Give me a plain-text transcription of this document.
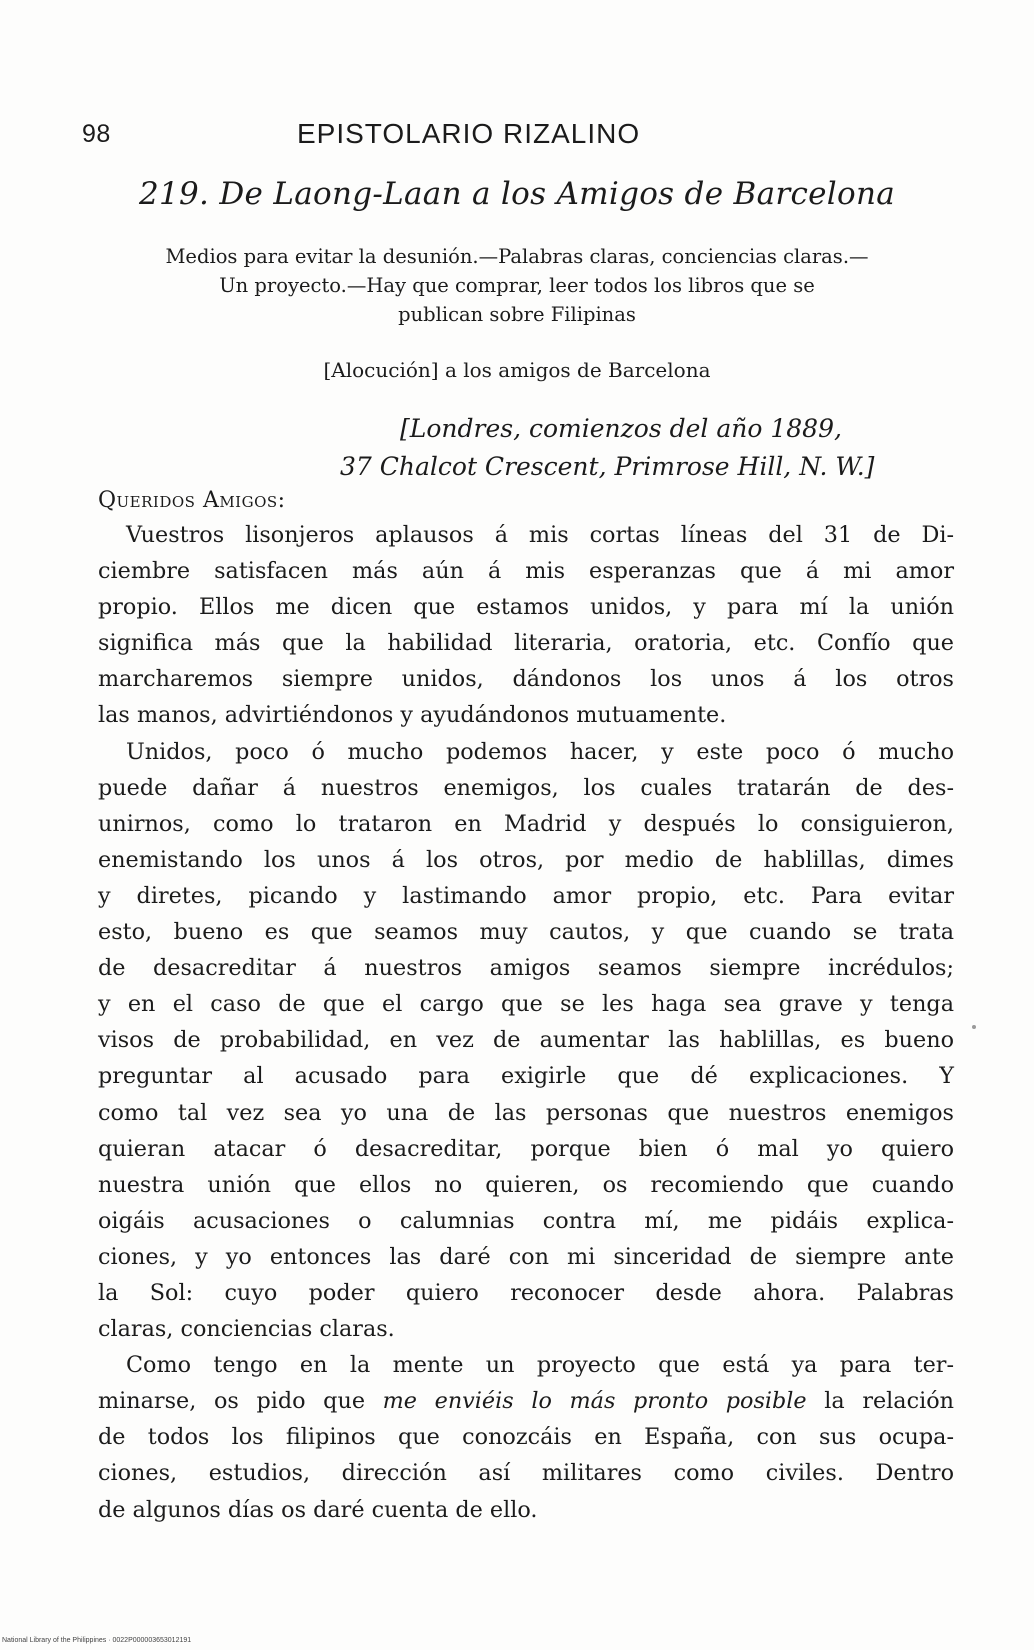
98	EPISTOLARIO RIZALINO
219. De Laong-Laan a los Amigos de Barcelona
Medios para evitar la desunión.—Palabras claras, conciencias claras.—
Un proyecto.—Hay que comprar, leer todos los libros que se
publican sobre Filipinas
[Alocución] a los amigos de Barcelona
[Londres, comienzos del año 1889,
37 Chalcot Crescent, Primrose Hill, N. W.]
Queridos Amigos:
Vuestros lisonjeros aplausos á mis cortas líneas del 31 de Di-
ciembre satisfacen más aún á mis esperanzas que á mi amor
propio. Ellos me dicen que estamos unidos, y para mí la unión
significa más que la habilidad literaria, oratoria, etc. Confío que
marcharemos siempre unidos, dándonos los unos á los otros
las manos, advirtiéndonos y ayudándonos mutuamente.
Unidos, poco ó mucho podemos hacer, y este poco ó mucho
puede dañar á nuestros enemigos, los cuales tratarán de des-
unirnos, como lo trataron en Madrid y después lo consiguieron,
enemistando los unos á los otros, por medio de hablillas, dimes
y diretes, picando y lastimando amor propio, etc. Para evitar
esto, bueno es que seamos muy cautos, y que cuando se trata
de desacreditar á nuestros amigos seamos siempre incrédulos;
y en el caso de que el cargo que se les haga sea grave y tenga
visos de probabilidad, en vez de aumentar las hablillas, es bueno
preguntar al acusado para exigirle que dé explicaciones. Y
como tal vez sea yo una de las personas que nuestros enemigos
quieran atacar ó desacreditar, porque bien ó mal yo quiero
nuestra unión que ellos no quieren, os recomiendo que cuando
oigáis acusaciones o calumnias contra mí, me pidáis explica-
ciones, y yo entonces las daré con mi sinceridad de siempre ante
la Sol: cuyo poder quiero reconocer desde ahora. Palabras
claras, conciencias claras.
Como tengo en la mente un proyecto que está ya para ter-
minarse, os pido que me enviéis lo más pronto posible la relación
de todos los filipinos que conozcáis en España, con sus ocupa-
ciones, estudios, dirección así militares como civiles. Dentro
de algunos días os daré cuenta de ello.
National Library of the Philippines · 0022P000003653012191
